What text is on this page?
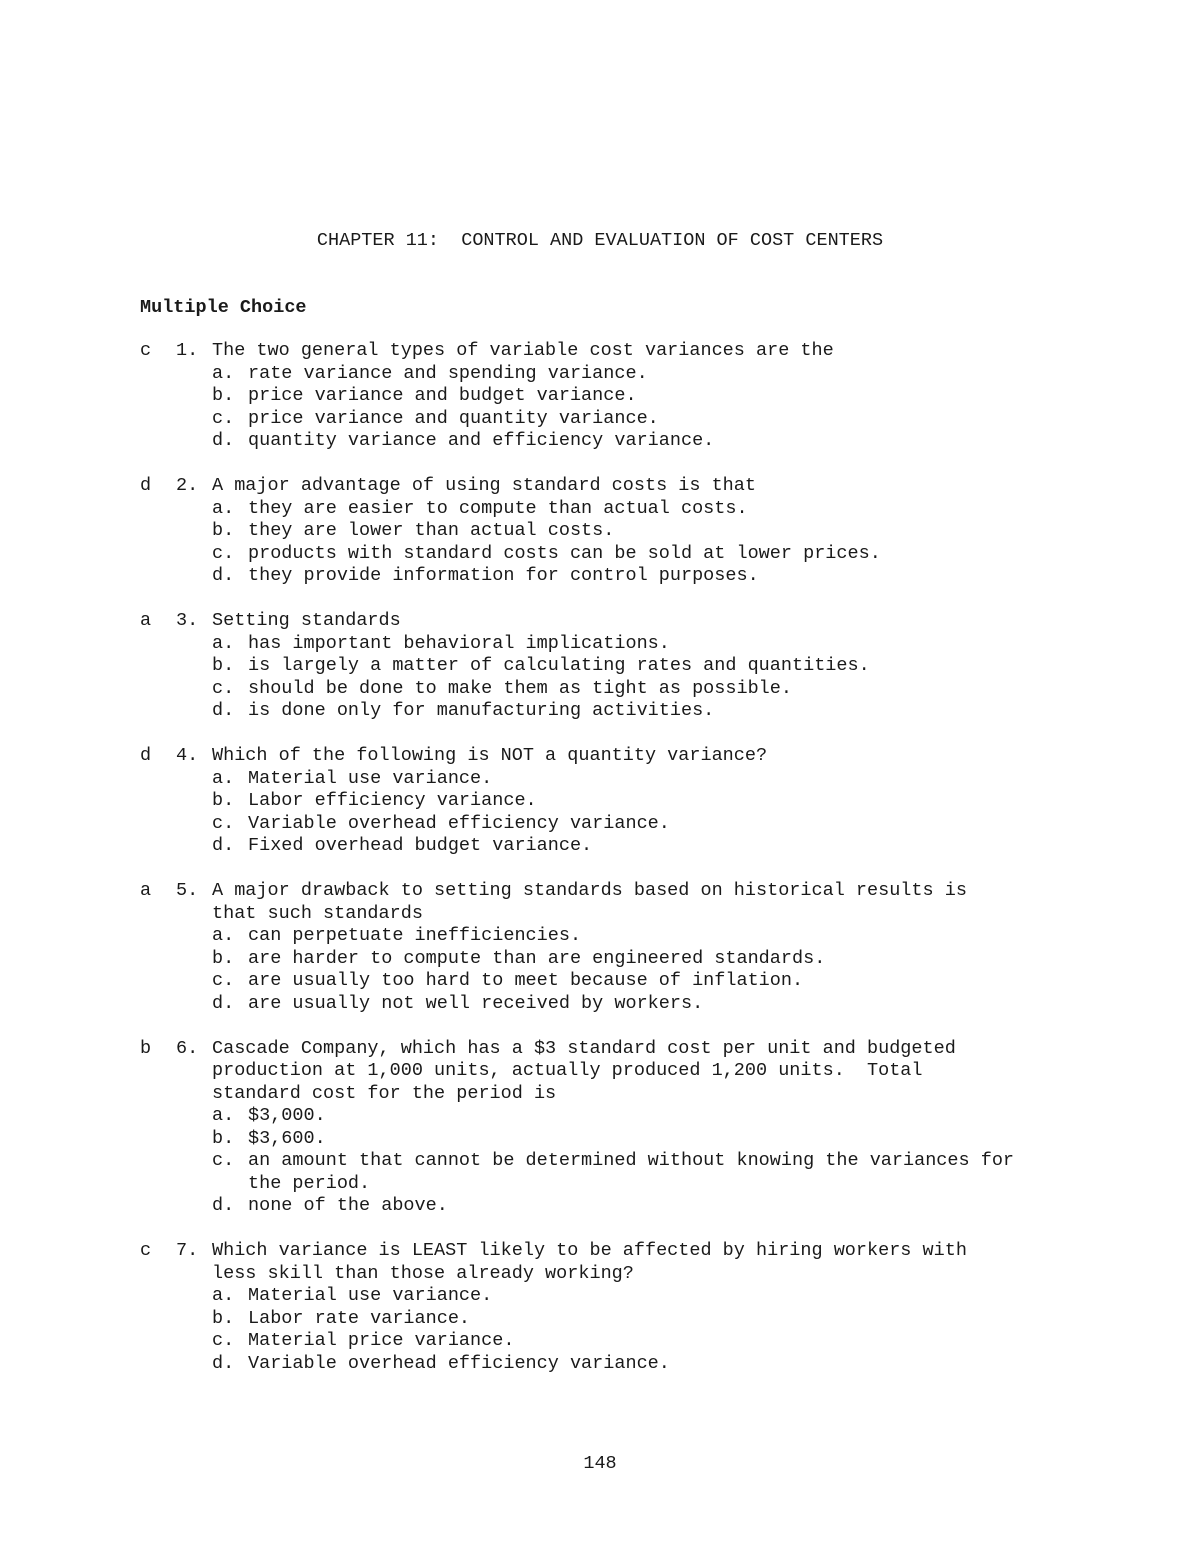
CHAPTER 11:  CONTROL AND EVALUATION OF COST CENTERS
Multiple Choice
c	1. The two general types of variable cost variances are the
a. rate variance and spending variance.
b. price variance and budget variance.
c. price variance and quantity variance.
d. quantity variance and efficiency variance.
d	2. A major advantage of using standard costs is that
a. they are easier to compute than actual costs.
b. they are lower than actual costs.
c. products with standard costs can be sold at lower prices.
d. they provide information for control purposes.
a	3. Setting standards
a. has important behavioral implications.
b. is largely a matter of calculating rates and quantities.
c. should be done to make them as tight as possible.
d. is done only for manufacturing activities.
d	4. Which of the following is NOT a quantity variance?
a. Material use variance.
b. Labor efficiency variance.
c. Variable overhead efficiency variance.
d. Fixed overhead budget variance.
a	5. A major drawback to setting standards based on historical results is
that such standards
a. can perpetuate inefficiencies.
b. are harder to compute than are engineered standards.
c. are usually too hard to meet because of inflation.
d. are usually not well received by workers.
b	6. Cascade Company, which has a $3 standard cost per unit and budgeted
production at 1,000 units, actually produced 1,200 units.  Total
standard cost for the period is
a. $3,000.
b. $3,600.
c. an amount that cannot be determined without knowing the variances for
the period.
d. none of the above.
c	7. Which variance is LEAST likely to be affected by hiring workers with
less skill than those already working?
a. Material use variance.
b. Labor rate variance.
c. Material price variance.
d. Variable overhead efficiency variance.
148
